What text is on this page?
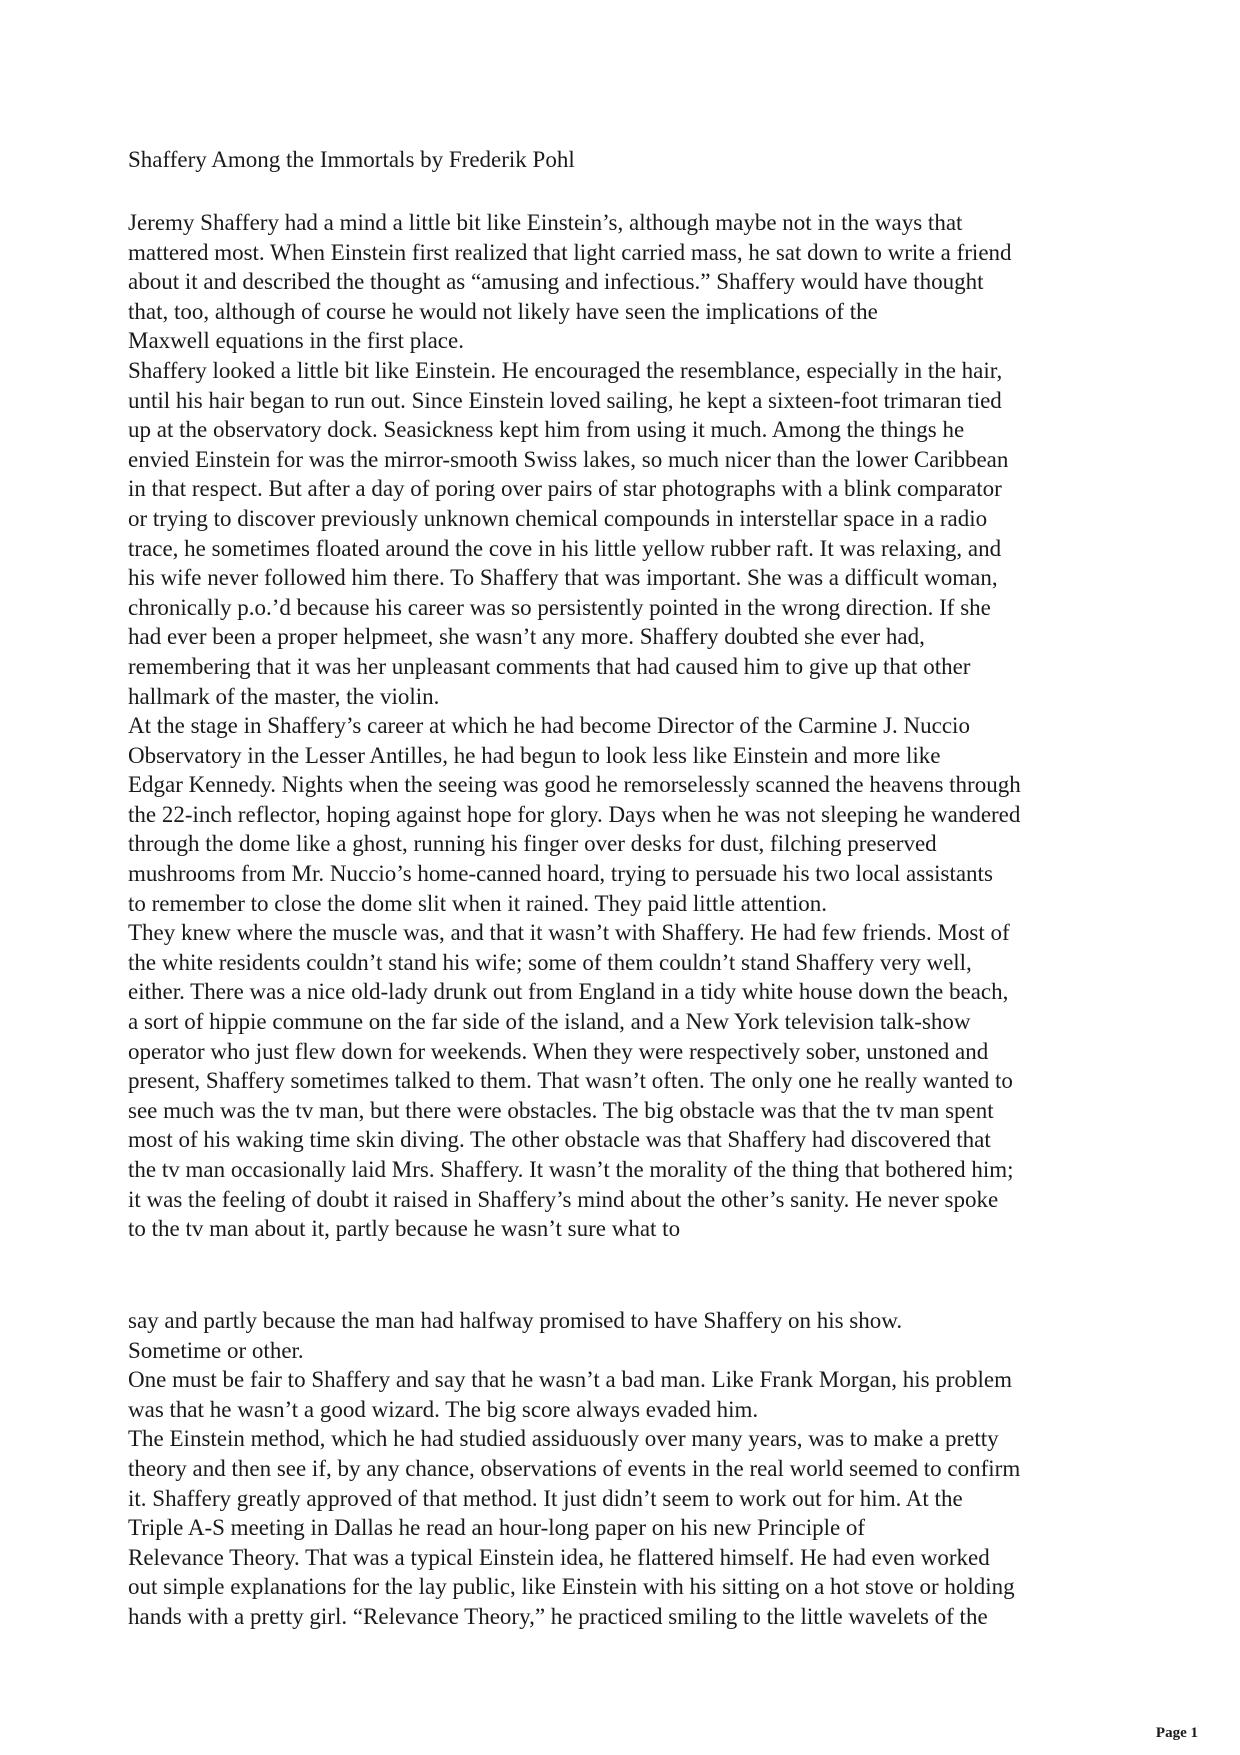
Shaffery Among the Immortals by Frederik Pohl
Jeremy Shaffery had a mind a little bit like Einstein’s, although maybe not in the ways that
mattered most. When Einstein first realized that light carried mass, he sat down to write a friend
about it and described the thought as “amusing and infectious.” Shaffery would have thought
that, too, although of course he would not likely have seen the implications of the
Maxwell equations in the first place.
Shaffery looked a little bit like Einstein. He encouraged the resemblance, especially in the hair,
until his hair began to run out. Since Einstein loved sailing, he kept a sixteen-foot trimaran tied
up at the observatory dock. Seasickness kept him from using it much. Among the things he
envied Einstein for was the mirror-smooth Swiss lakes, so much nicer than the lower Caribbean
in that respect. But after a day of poring over pairs of star photographs with a blink comparator
or trying to discover previously unknown chemical compounds in interstellar space in a radio
trace, he sometimes floated around the cove in his little yellow rubber raft. It was relaxing, and
his wife never followed him there. To Shaffery that was important. She was a difficult woman,
chronically p.o.’d because his career was so persistently pointed in the wrong direction. If she
had ever been a proper helpmeet, she wasn’t any more. Shaffery doubted she ever had,
remembering that it was her unpleasant comments that had caused him to give up that other
hallmark of the master, the violin.
At the stage in Shaffery’s career at which he had become Director of the Carmine J. Nuccio
Observatory in the Lesser Antilles, he had begun to look less like Einstein and more like
Edgar Kennedy. Nights when the seeing was good he remorselessly scanned the heavens through
the 22-inch reflector, hoping against hope for glory. Days when he was not sleeping he wandered
through the dome like a ghost, running his finger over desks for dust, filching preserved
mushrooms from Mr. Nuccio’s home-canned hoard, trying to persuade his two local assistants
to remember to close the dome slit when it rained. They paid little attention.
They knew where the muscle was, and that it wasn’t with Shaffery. He had few friends. Most of
the white residents couldn’t stand his wife; some of them couldn’t stand Shaffery very well,
either. There was a nice old-lady drunk out from England in a tidy white house down the beach,
a sort of hippie commune on the far side of the island, and a New York television talk-show
operator who just flew down for weekends. When they were respectively sober, unstoned and
present, Shaffery sometimes talked to them. That wasn’t often. The only one he really wanted to
see much was the tv man, but there were obstacles. The big obstacle was that the tv man spent
most of his waking time skin diving. The other obstacle was that Shaffery had discovered that
the tv man occasionally laid Mrs. Shaffery. It wasn’t the morality of the thing that bothered him;
it was the feeling of doubt it raised in Shaffery’s mind about the other’s sanity. He never spoke
to the tv man about it, partly because he wasn’t sure what to
say and partly because the man had halfway promised to have Shaffery on his show.
Sometime or other.
One must be fair to Shaffery and say that he wasn’t a bad man. Like Frank Morgan, his problem
was that he wasn’t a good wizard. The big score always evaded him.
The Einstein method, which he had studied assiduously over many years, was to make a pretty
theory and then see if, by any chance, observations of events in the real world seemed to confirm
it. Shaffery greatly approved of that method. It just didn’t seem to work out for him. At the
Triple A-S meeting in Dallas he read an hour-long paper on his new Principle of
Relevance Theory. That was a typical Einstein idea, he flattered himself. He had even worked
out simple explanations for the lay public, like Einstein with his sitting on a hot stove or holding
hands with a pretty girl. “Relevance Theory,” he practiced smiling to the little wavelets of the
Page 1
